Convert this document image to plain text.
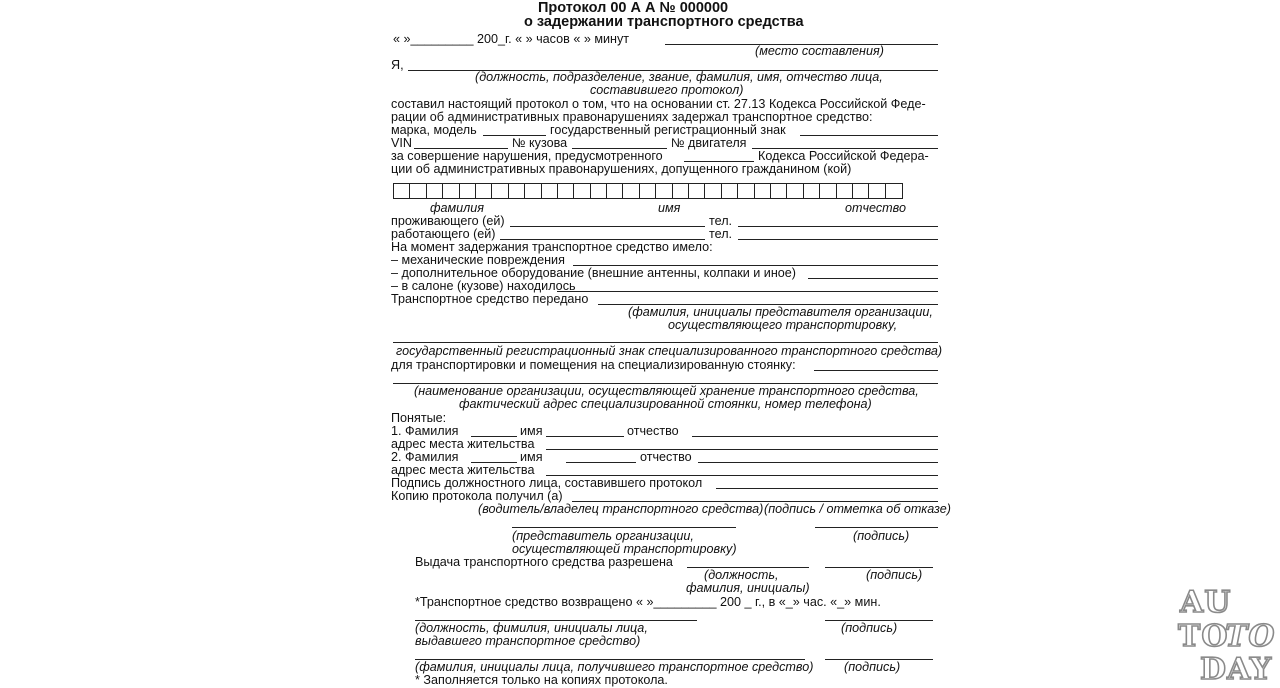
Протокол 00 А А № 000000
о задержании транспортного средства
« »_________ 200_г. « » часов « » минут
(место составления)
Я,
(должность, подразделение, звание, фамилия, имя, отчество лица,
составившего протокол)
составил настоящий протокол о том, что на основании ст. 27.13 Кодекса Российской Феде-
рации об административных правонарушениях задержал транспортное средство:
марка, модель	государственный регистрационный знак
VIN	№ кузова	№ двигателя
за совершение нарушения, предусмотренного	Кодекса Российской Федера-
ции об административных правонарушениях, допущенного гражданином (кой)
фамилия	имя	отчество
проживающего (ей)	тел.
работающего (ей)	тел.
На момент задержания транспортное средство имело:
– механические повреждения
– дополнительное оборудование (внешние антенны, колпаки и иное)
– в салоне (кузове) находилось
Транспортное средство передано
(фамилия, инициалы представителя организации,
осуществляющего транспортировку,
государственный регистрационный знак специализированного транспортного средства)
для транспортировки и помещения на специализированную стоянку:
(наименование организации, осуществляющей хранение транспортного средства,
фактический адрес специализированной стоянки, номер телефона)
Понятые:
1. Фамилия	имя	отчество
адрес места жительства
2. Фамилия	имя	отчество
адрес места жительства
Подпись должностного лица, составившего протокол
Копию протокола получил (а)
(водитель/владелец транспортного средства) (подпись / отметка об отказе)
(представитель организации,
осуществляющей транспортировку)
(подпись)
Выдача транспортного средства разрешена
(должность,
фамилия, инициалы)
(подпись)
*Транспортное средство возвращено « »_________ 200 _ г., в «_» час. «_» мин.
(должность, фимилия, инициалы лица,
выдавшего транспортное средство)
(подпись)
(фамилия, инициалы лица, получившего транспортное средство) (подпись)
* Заполняется только на копиях протокола.
AU
TO
TO
DAY
